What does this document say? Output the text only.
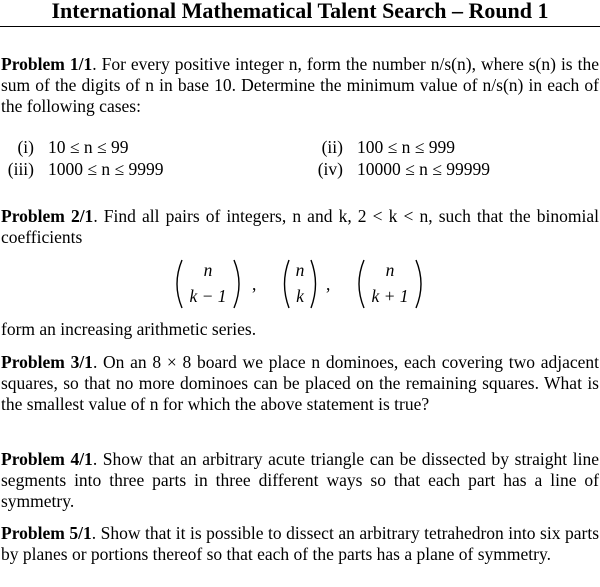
International Mathematical Talent Search – Round 1
Problem 1/1. For every positive integer n, form the number n/s(n), where s(n) is the sum of the digits of n in base 10. Determine the minimum value of n/s(n) in each of the following cases:
(i) 10 ≤ n ≤ 99	(ii) 100 ≤ n ≤ 999
(iii) 1000 ≤ n ≤ 9999	(iv) 10000 ≤ n ≤ 99999
Problem 2/1. Find all pairs of integers, n and k, 2 < k < n, such that the binomial coefficients
n
k − 1
,
n
k
,
n
k + 1
form an increasing arithmetic series.
Problem 3/1. On an 8 × 8 board we place n dominoes, each covering two adjacent squares, so that no more dominoes can be placed on the remaining squares. What is the smallest value of n for which the above statement is true?
Problem 4/1. Show that an arbitrary acute triangle can be dissected by straight line segments into three parts in three different ways so that each part has a line of symmetry.
Problem 5/1. Show that it is possible to dissect an arbitrary tetrahedron into six parts by planes or portions thereof so that each of the parts has a plane of symmetry.
